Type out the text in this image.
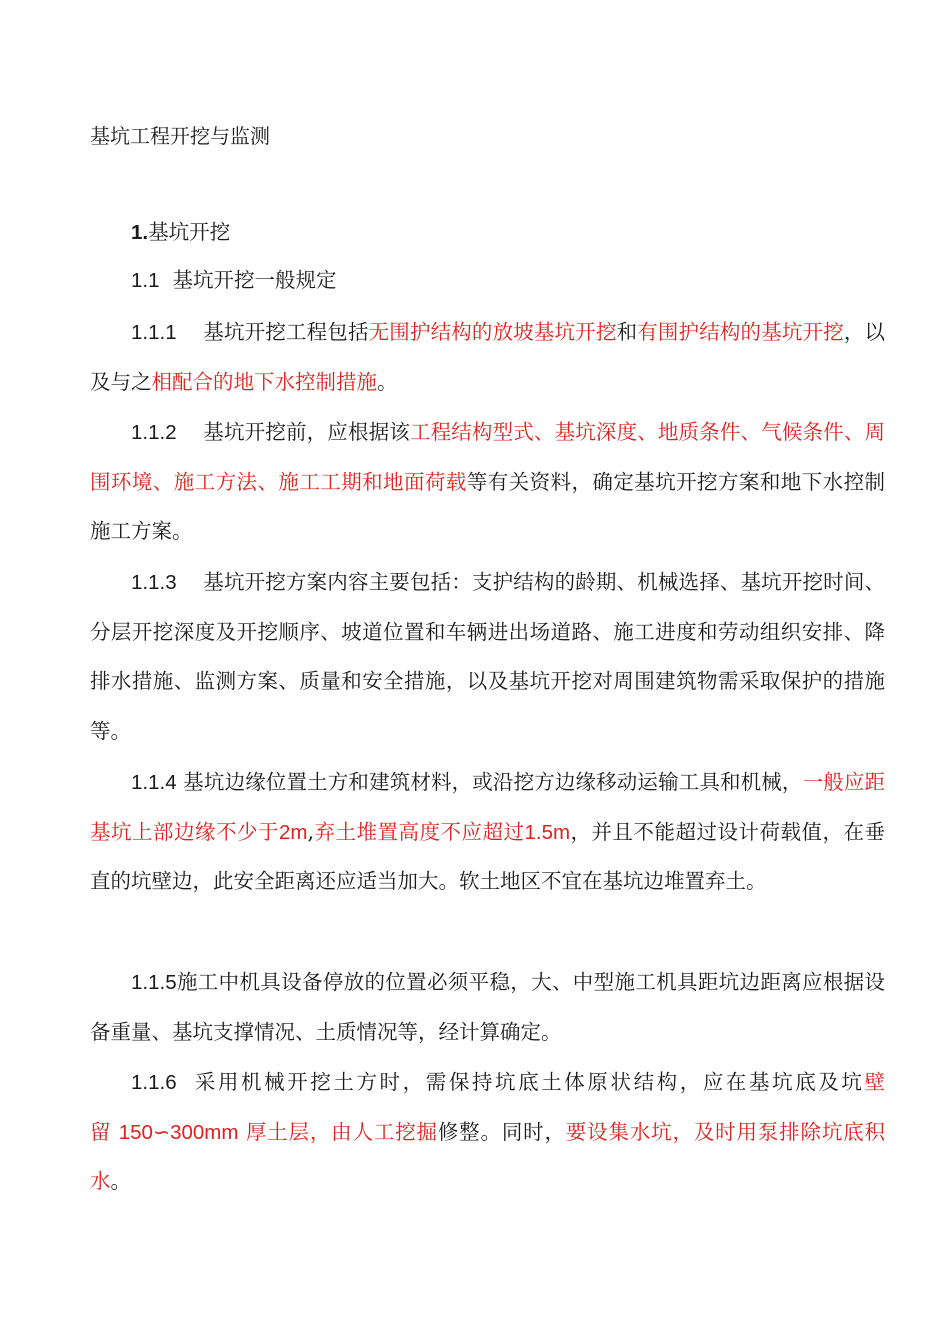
基坑工程开挖与监测
1.基坑开挖
1.1 基坑开挖一般规定
1.1.1 基坑开挖工程包括无围护结构的放坡基坑开挖和有围护结构的基坑开挖，以及与之相配合的地下水控制措施。
1.1.2 基坑开挖前，应根据该工程结构型式、基坑深度、地质条件、气候条件、周围环境、施工方法、施工工期和地面荷载等有关资料，确定基坑开挖方案和地下水控制施工方案。
1.1.3 基坑开挖方案内容主要包括：支护结构的龄期、机械选择、基坑开挖时间、分层开挖深度及开挖顺序、坡道位置和车辆进出场道路、施工进度和劳动组织安排、降排水措施、监测方案、质量和安全措施，以及基坑开挖对周围建筑物需采取保护的措施等。
1.1.4 基坑边缘位置土方和建筑材料，或沿挖方边缘移动运输工具和机械，一般应距基坑上部边缘不少于2m,弃土堆置高度不应超过1.5m，并且不能超过设计荷载值，在垂直的坑壁边，此安全距离还应适当加大。软土地区不宜在基坑边堆置弃土。
1.1.5施工中机具设备停放的位置必须平稳，大、中型施工机具距坑边距离应根据设备重量、基坑支撑情况、土质情况等，经计算确定。
1.1.6 采用机械开挖土方时，需保持坑底土体原状结构，应在基坑底及坑壁留 150∽300mm 厚土层，由人工挖掘修整。同时，要设集水坑，及时用泵排除坑底积水。
